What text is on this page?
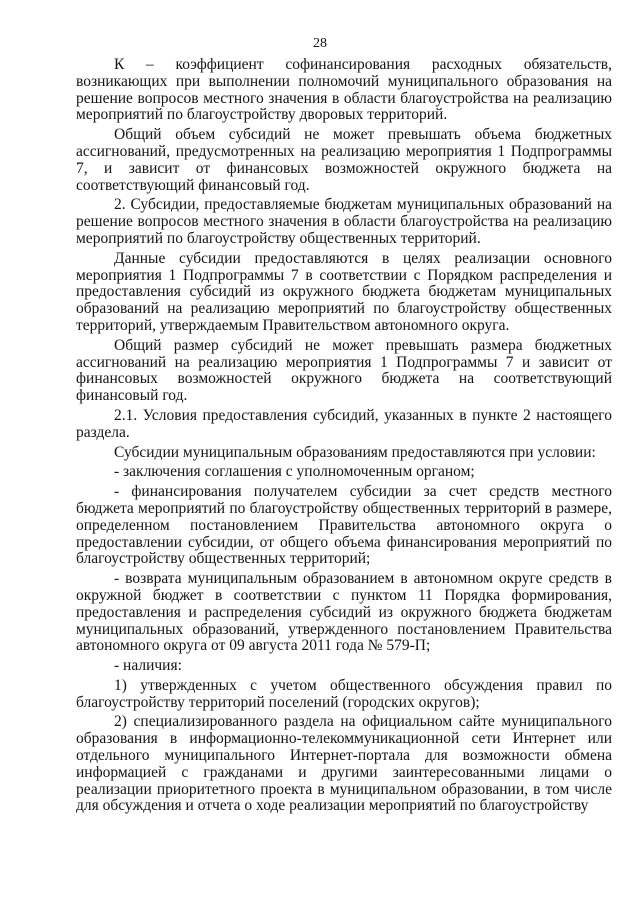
28

К – коэффициент софинансирования расходных обязательств, возникающих при выполнении полномочий муниципального образования на решение вопросов местного значения в области благоустройства на реализацию мероприятий по благоустройству дворовых территорий.

Общий объем субсидий не может превышать объема бюджетных ассигнований, предусмотренных на реализацию мероприятия 1 Подпрограммы 7, и зависит от финансовых возможностей окружного бюджета на соответствующий финансовый год.

2. Субсидии, предоставляемые бюджетам муниципальных образований на решение вопросов местного значения в области благоустройства на реализацию мероприятий по благоустройству общественных территорий.

Данные субсидии предоставляются в целях реализации основного мероприятия 1 Подпрограммы 7 в соответствии с Порядком распределения и предоставления субсидий из окружного бюджета бюджетам муниципальных образований на реализацию мероприятий по благоустройству общественных территорий, утверждаемым Правительством автономного округа.

Общий размер субсидий не может превышать размера бюджетных ассигнований на реализацию мероприятия 1 Подпрограммы 7 и зависит от финансовых возможностей окружного бюджета на соответствующий финансовый год.

2.1. Условия предоставления субсидий, указанных в пункте 2 настоящего раздела.

Субсидии муниципальным образованиям предоставляются при условии:

- заключения соглашения с уполномоченным органом;

- финансирования получателем субсидии за счет средств местного бюджета мероприятий по благоустройству общественных территорий в размере, определенном постановлением Правительства автономного округа о предоставлении субсидии, от общего объема финансирования мероприятий по благоустройству общественных территорий;

- возврата муниципальным образованием в автономном округе средств в окружной бюджет в соответствии с пунктом 11 Порядка формирования, предоставления и распределения субсидий из окружного бюджета бюджетам муниципальных образований, утвержденного постановлением Правительства автономного округа от 09 августа 2011 года № 579-П;

- наличия:

1) утвержденных с учетом общественного обсуждения правил по благоустройству территорий поселений (городских округов);

2) специализированного раздела на официальном сайте муниципального образования в информационно-телекоммуникационной сети Интернет или отдельного муниципального Интернет-портала для возможности обмена информацией с гражданами и другими заинтересованными лицами о реализации приоритетного проекта в муниципальном образовании, в том числе для обсуждения и отчета о ходе реализации мероприятий по благоустройству
